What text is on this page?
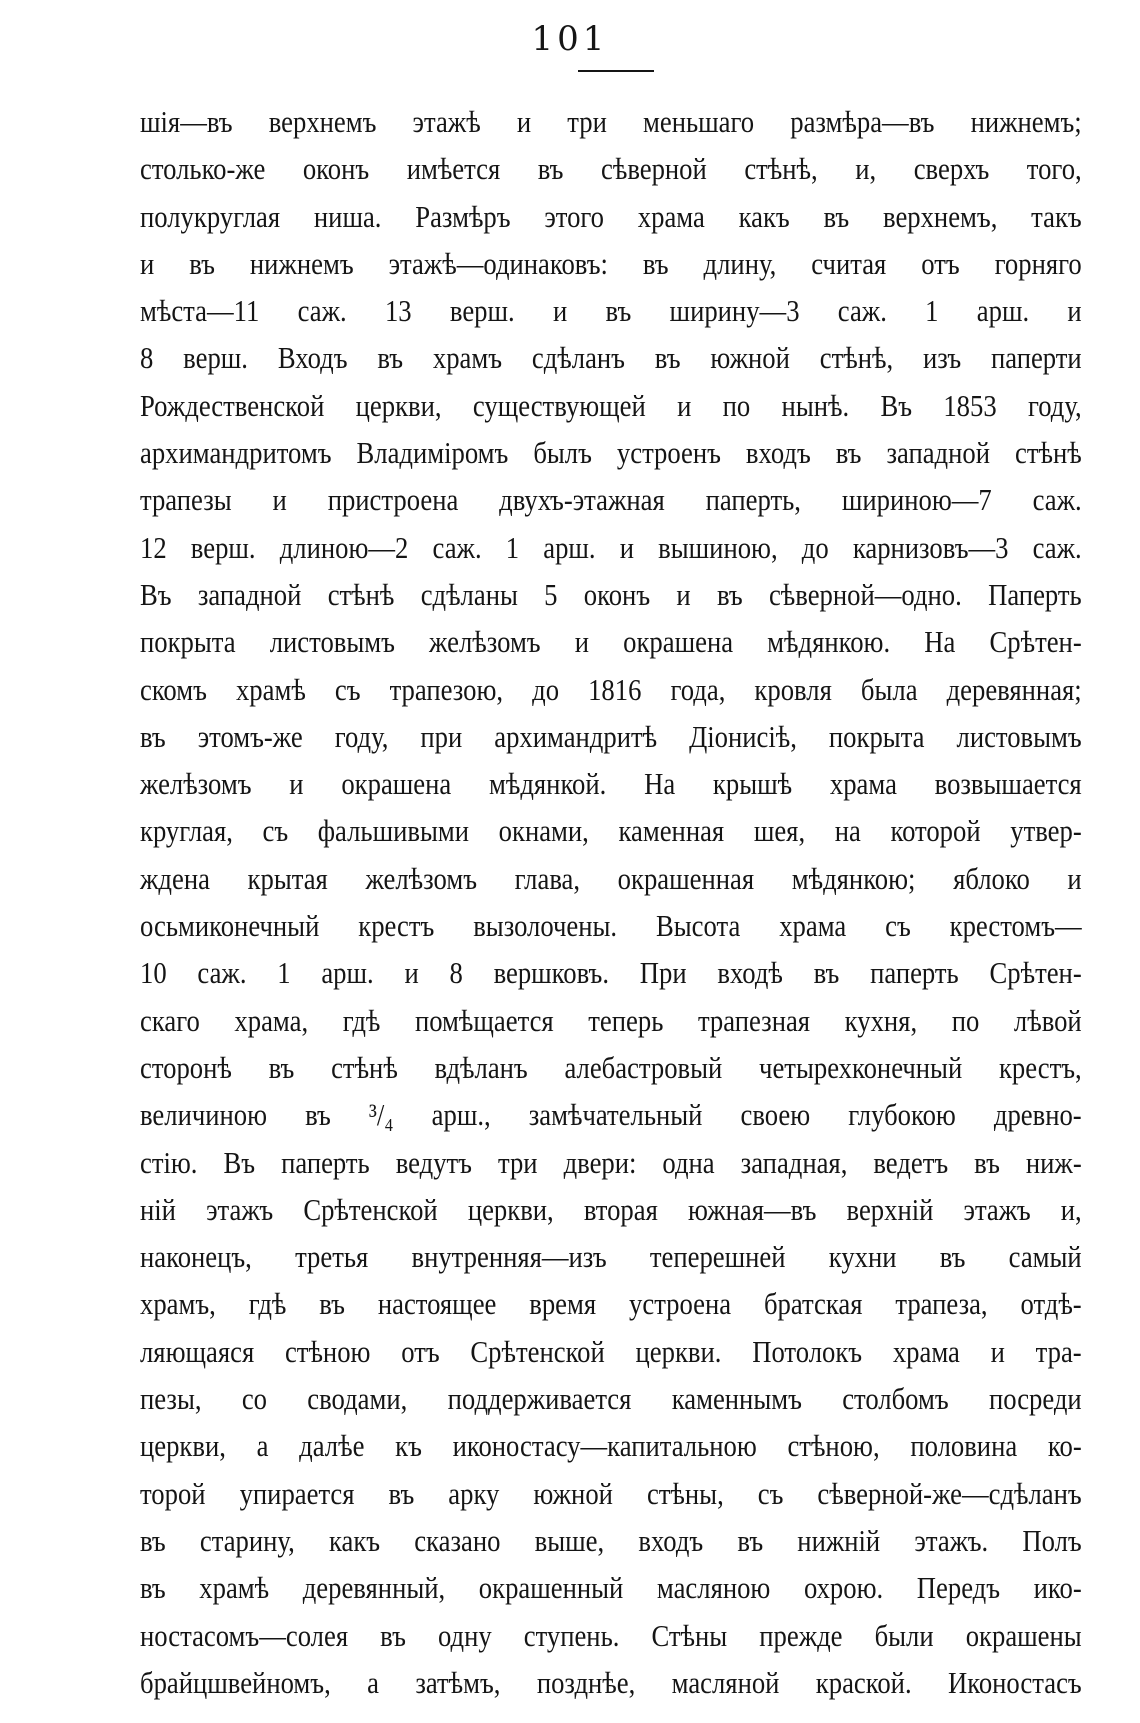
101
шія—въ верхнемъ этажѣ и три меньшаго размѣра—въ нижнемъ;
столько-же оконъ имѣется въ сѣверной стѣнѣ, и, сверхъ того,
полукруглая ниша. Размѣръ этого храма какъ въ верхнемъ, такъ
и въ нижнемъ этажѣ—одинаковъ: въ длину, считая отъ горняго
мѣста—11 саж. 13 верш. и въ ширину—3 саж. 1 арш. и
8 верш. Входъ въ храмъ сдѣланъ въ южной стѣнѣ, изъ паперти
Рождественской церкви, существующей и по нынѣ. Въ 1853 году,
архимандритомъ Владиміромъ былъ устроенъ входъ въ западной стѣнѣ
трапезы и пристроена двухъ-этажная паперть, шириною—7 саж.
12 верш. длиною—2 саж. 1 арш. и вышиною, до карнизовъ—3 саж.
Въ западной стѣнѣ сдѣланы 5 оконъ и въ сѣверной—одно. Паперть
покрыта листовымъ желѣзомъ и окрашена мѣдянкою. На Срѣтен-
скомъ храмѣ съ трапезою, до 1816 года, кровля была деревянная;
въ этомъ-же году, при архимандритѣ Діонисіѣ, покрыта листовымъ
желѣзомъ и окрашена мѣдянкой. На крышѣ храма возвышается
круглая, съ фальшивыми окнами, каменная шея, на которой утвер-
ждена крытая желѣзомъ глава, окрашенная мѣдянкою; яблоко и
осьмиконечный крестъ вызолочены. Высота храма съ крестомъ—
10 саж. 1 арш. и 8 вершковъ. При входѣ въ паперть Срѣтен-
скаго храма, гдѣ помѣщается теперь трапезная кухня, по лѣвой
сторонѣ въ стѣнѣ вдѣланъ алебастровый четырехконечный крестъ,
величиною въ ³/₄ арш., замѣчательный своею глубокою древно-
стію. Въ паперть ведутъ три двери: одна западная, ведетъ въ ниж-
ній этажъ Срѣтенской церкви, вторая южная—въ верхній этажъ и,
наконецъ, третья внутренняя—изъ теперешней кухни въ самый
храмъ, гдѣ въ настоящее время устроена братская трапеза, отдѣ-
ляющаяся стѣною отъ Срѣтенской церкви. Потолокъ храма и тра-
пезы, со сводами, поддерживается каменнымъ столбомъ посреди
церкви, а далѣе къ иконостасу—капитальною стѣною, половина ко-
торой упирается въ арку южной стѣны, съ сѣверной-же—сдѣланъ
въ старину, какъ сказано выше, входъ въ нижній этажъ. Полъ
въ храмѣ деревянный, окрашенный масляною охрою. Передъ ико-
ностасомъ—солея въ одну ступень. Стѣны прежде были окрашены
брайцшвейномъ, а затѣмъ, позднѣе, масляной краской. Иконостасъ
